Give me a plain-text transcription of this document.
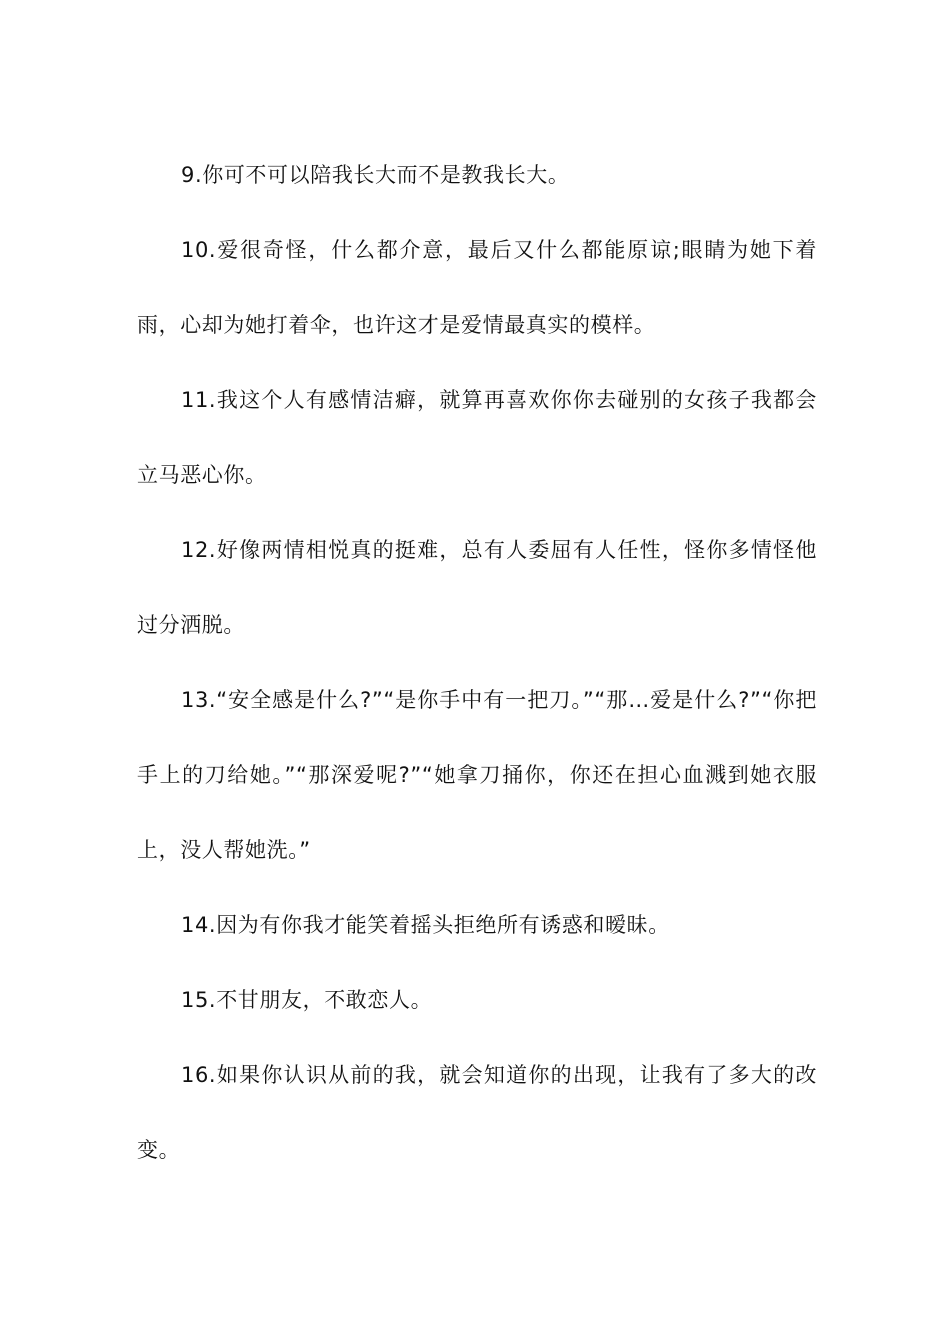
9.你可不可以陪我长大而不是教我长大。

10.爱很奇怪，什么都介意，最后又什么都能原谅;眼睛为她下着雨，心却为她打着伞，也许这才是爱情最真实的模样。

11.我这个人有感情洁癖，就算再喜欢你你去碰别的女孩子我都会立马恶心你。

12.好像两情相悦真的挺难，总有人委屈有人任性，怪你多情怪他过分洒脱。

13.“安全感是什么?”“是你手中有一把刀。”“那…爱是什么?”“你把手上的刀给她。”“那深爱呢?”“她拿刀捅你，你还在担心血溅到她衣服上，没人帮她洗。”

14.因为有你我才能笑着摇头拒绝所有诱惑和暧昧。

15.不甘朋友，不敢恋人。

16.如果你认识从前的我，就会知道你的出现，让我有了多大的改变。
